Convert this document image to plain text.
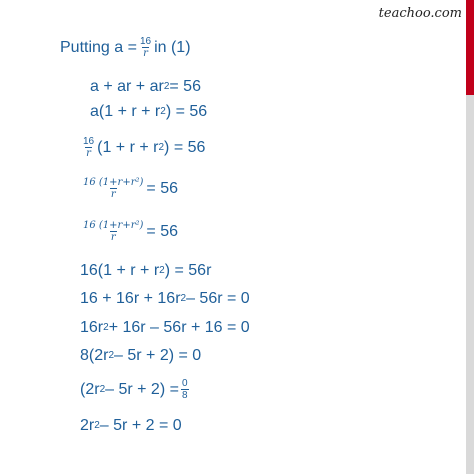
teachoo.com
Putting $a = \frac{16}{r}$ in (1)
a + ar + ar 2 = 56
a(1 + r + r 2 ) = 56
$\frac{16}{r} (1 + r + r$ 2 ) = 56
$\frac{\text{16 (1+r+r²)}}{r} = 56$
$\frac{\text{16 (1+r+r²)}}{r} = 56$
16(1 + r + r 2 ) = 56r
16 + 16r + 16r 2 – 56r = 0
16r 2 + 16r – 56r + 16 = 0
8(2r 2 – 5r + 2) = 0
(2r $2 - 5r + 2) = \frac{0}{8}$
2r 2 – 5r + 2 = 0
